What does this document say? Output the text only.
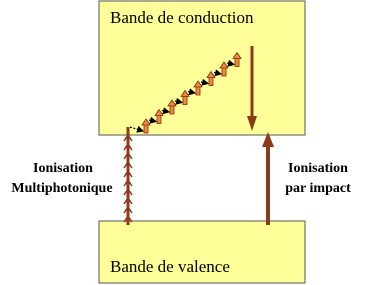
Bande de conduction
Bande de valence
Ionisation
Multiphotonique
Ionisation
par impact
